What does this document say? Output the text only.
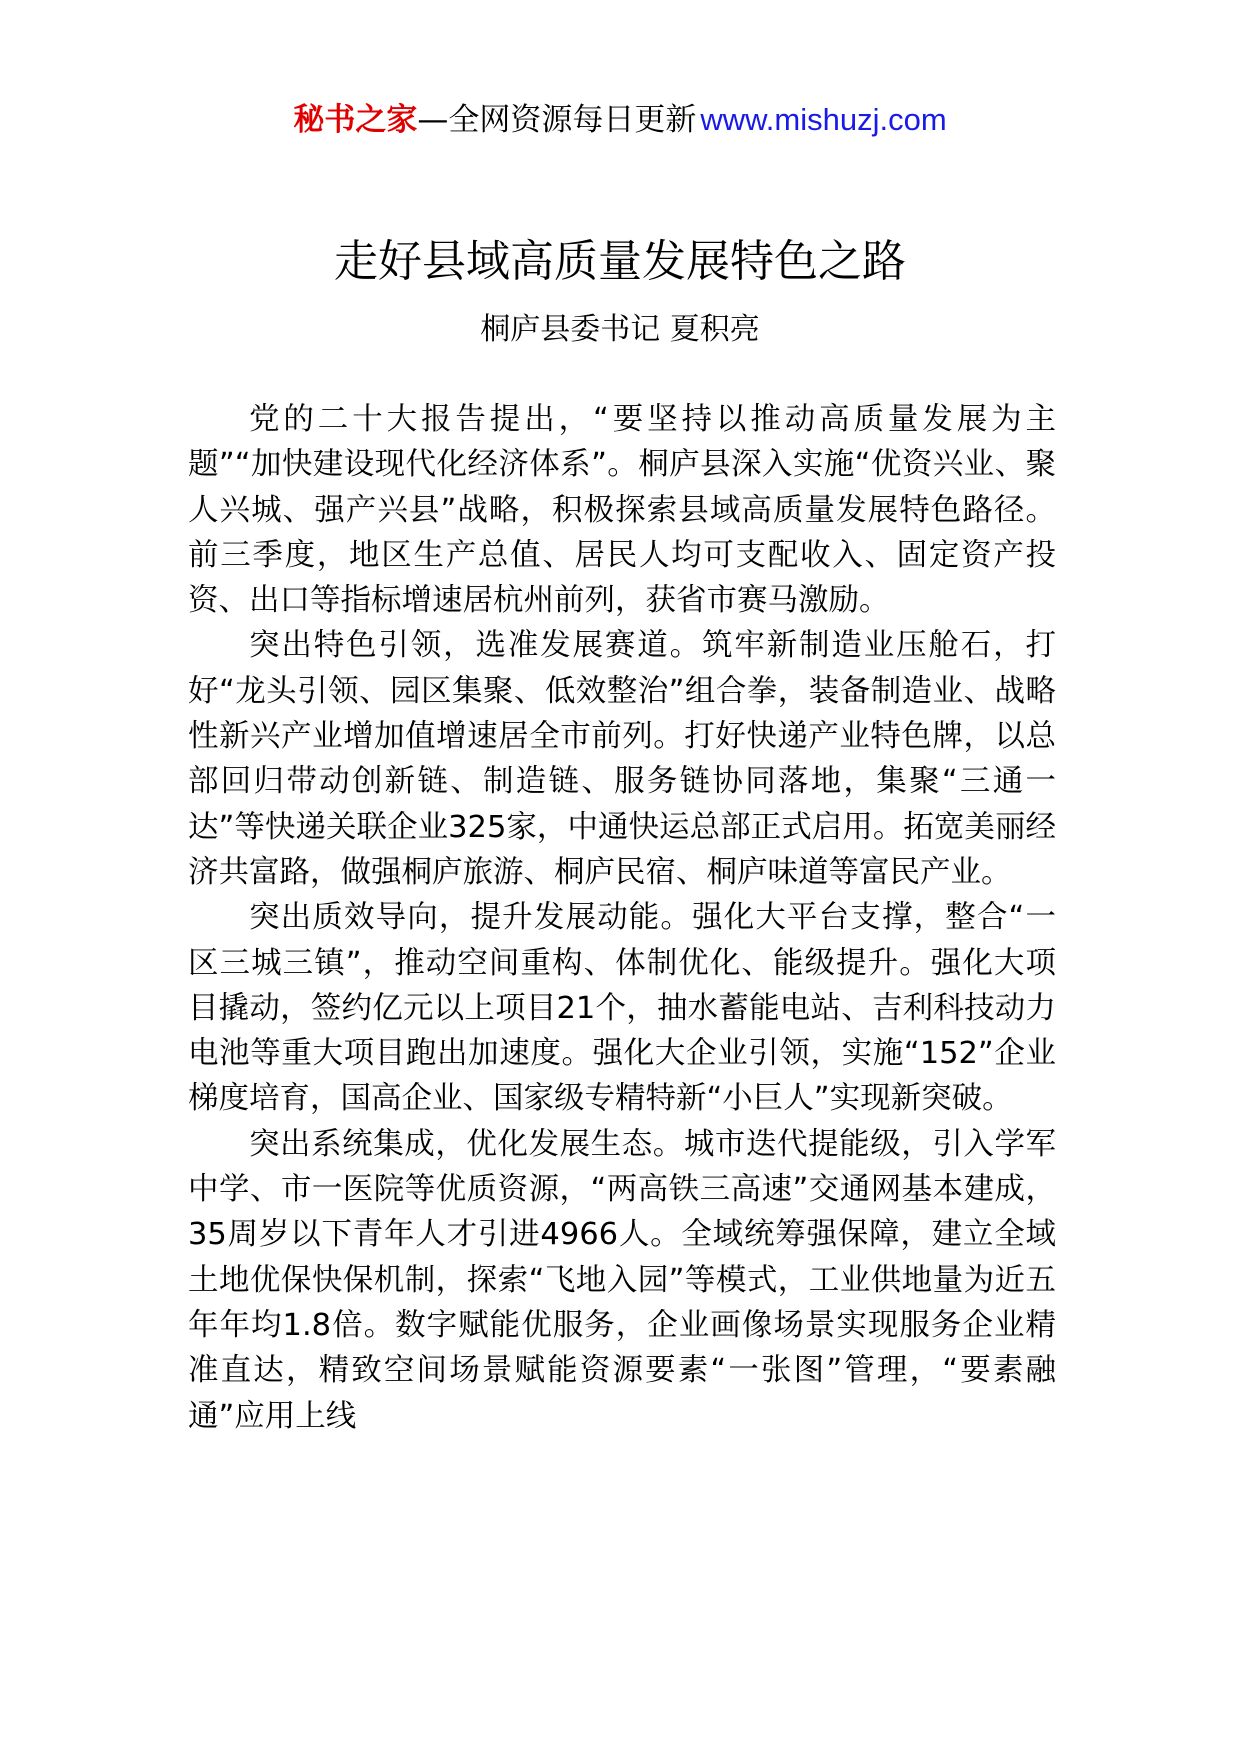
秘书之家—全网资源每日更新 www.mishuzj.com
走好县域高质量发展特色之路
桐庐县委书记 夏积亮

党的二十大报告提出，“要坚持以推动高质量发展为主题”“加快建设现代化经济体系”。桐庐县深入实施“优资兴业、聚人兴城、强产兴县”战略，积极探索县域高质量发展特色路径。前三季度，地区生产总值、居民人均可支配收入、固定资产投资、出口等指标增速居杭州前列，获省市赛马激励。

突出特色引领，选准发展赛道。筑牢新制造业压舱石，打好“龙头引领、园区集聚、低效整治”组合拳，装备制造业、战略性新兴产业增加值增速居全市前列。打好快递产业特色牌，以总部回归带动创新链、制造链、服务链协同落地，集聚“三通一达”等快递关联企业325家，中通快运总部正式启用。拓宽美丽经济共富路，做强桐庐旅游、桐庐民宿、桐庐味道等富民产业。

突出质效导向，提升发展动能。强化大平台支撑，整合“一区三城三镇”，推动空间重构、体制优化、能级提升。强化大项目撬动，签约亿元以上项目21个，抽水蓄能电站、吉利科技动力电池等重大项目跑出加速度。强化大企业引领，实施“152”企业梯度培育，国高企业、国家级专精特新“小巨人”实现新突破。

突出系统集成，优化发展生态。城市迭代提能级，引入学军中学、市一医院等优质资源，“两高铁三高速”交通网基本建成，35周岁以下青年人才引进4966人。全域统筹强保障，建立全域土地优保快保机制，探索“飞地入园”等模式，工业供地量为近五年年均1.8倍。数字赋能优服务，企业画像场景实现服务企业精准直达，精致空间场景赋能资源要素“一张图”管理，“要素融通”应用上线
